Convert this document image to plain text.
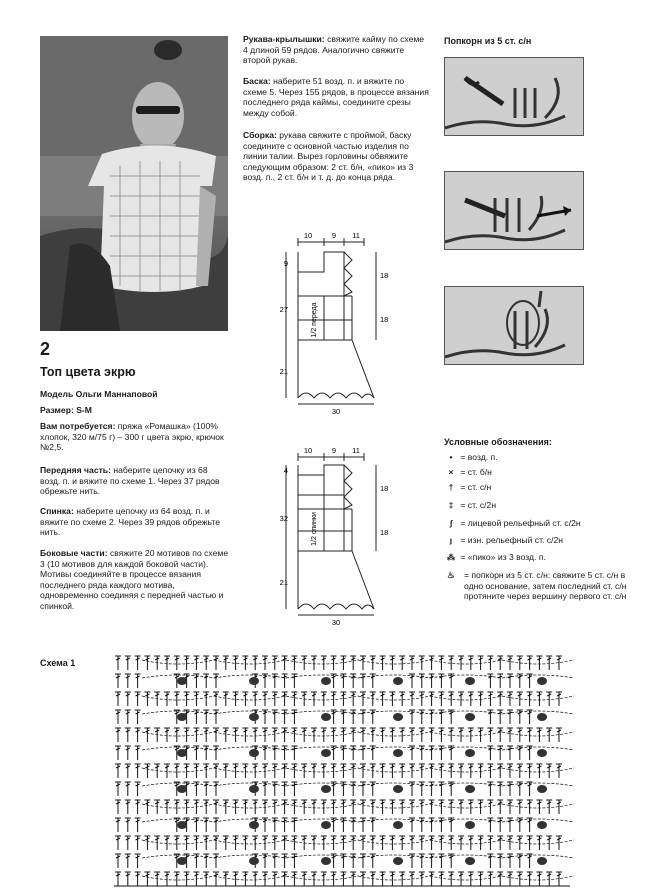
2
Топ цвета экрю
Модель Ольги Маннаповой
Размер: S-M
Вам потребуется: пряжа «Ромашка» (100% хлопок, 320 м/75 г) – 300 г цвета экрю, крючок №2,5.
Передняя часть: наберите цепочку из 68 возд. п. и вяжите по схеме 1. Через 37 рядов обрежьте нить.
Спинка: наберите цепочку из 64 возд. п. и вяжите по схеме 2. Через 39 рядов обрежьте нить.
Боковые части: свяжите 20 мотивов по схеме 3 (10 мотивов для каждой боковой части). Мотивы соединяйте в процессе вязания последнего ряда каждого мотива, одновременно соединяя с передней частью и спинкой.
Рукава-крылышки: свяжите кайму по схеме 4 длиной 59 рядов. Аналогично свяжите второй рукав.
Баска: наберите 51 возд. п. и вяжите по схеме 5. Через 155 рядов, в процессе вязания последнего ряда каймы, соедините срезы между собой.
Сборка: рукава свяжите с проймой, баску соедините с основной частью изделия по линии талии. Вырез горловины обвяжите следующим образом: 2 ст. б/н, «пико» из 3 возд. п., 2 ст. б/н и т. д. до конца ряда.
10	9 11
9
27
21
18
18
30
1/2 переда
10	9 11
4
32
21
18
18
30
1/2 спинки
Попкорн из 5 ст. с/н
Условные обозначения:
• = возд. п.
× = ст. б/н
† = ст. с/н
‡ = ст. с/2н
ʃ = лицевой рельефный ст. с/2н
ȷ = изн. рельефный ст. с/2н
⁂ = «пико» из 3 возд. п.
♨	= попкорн из 5 ст. с/н: свяжите 5 ст. с/н в одно основание, затем последний ст. с/н протяните через вершину первого ст. с/н
Схема 1
